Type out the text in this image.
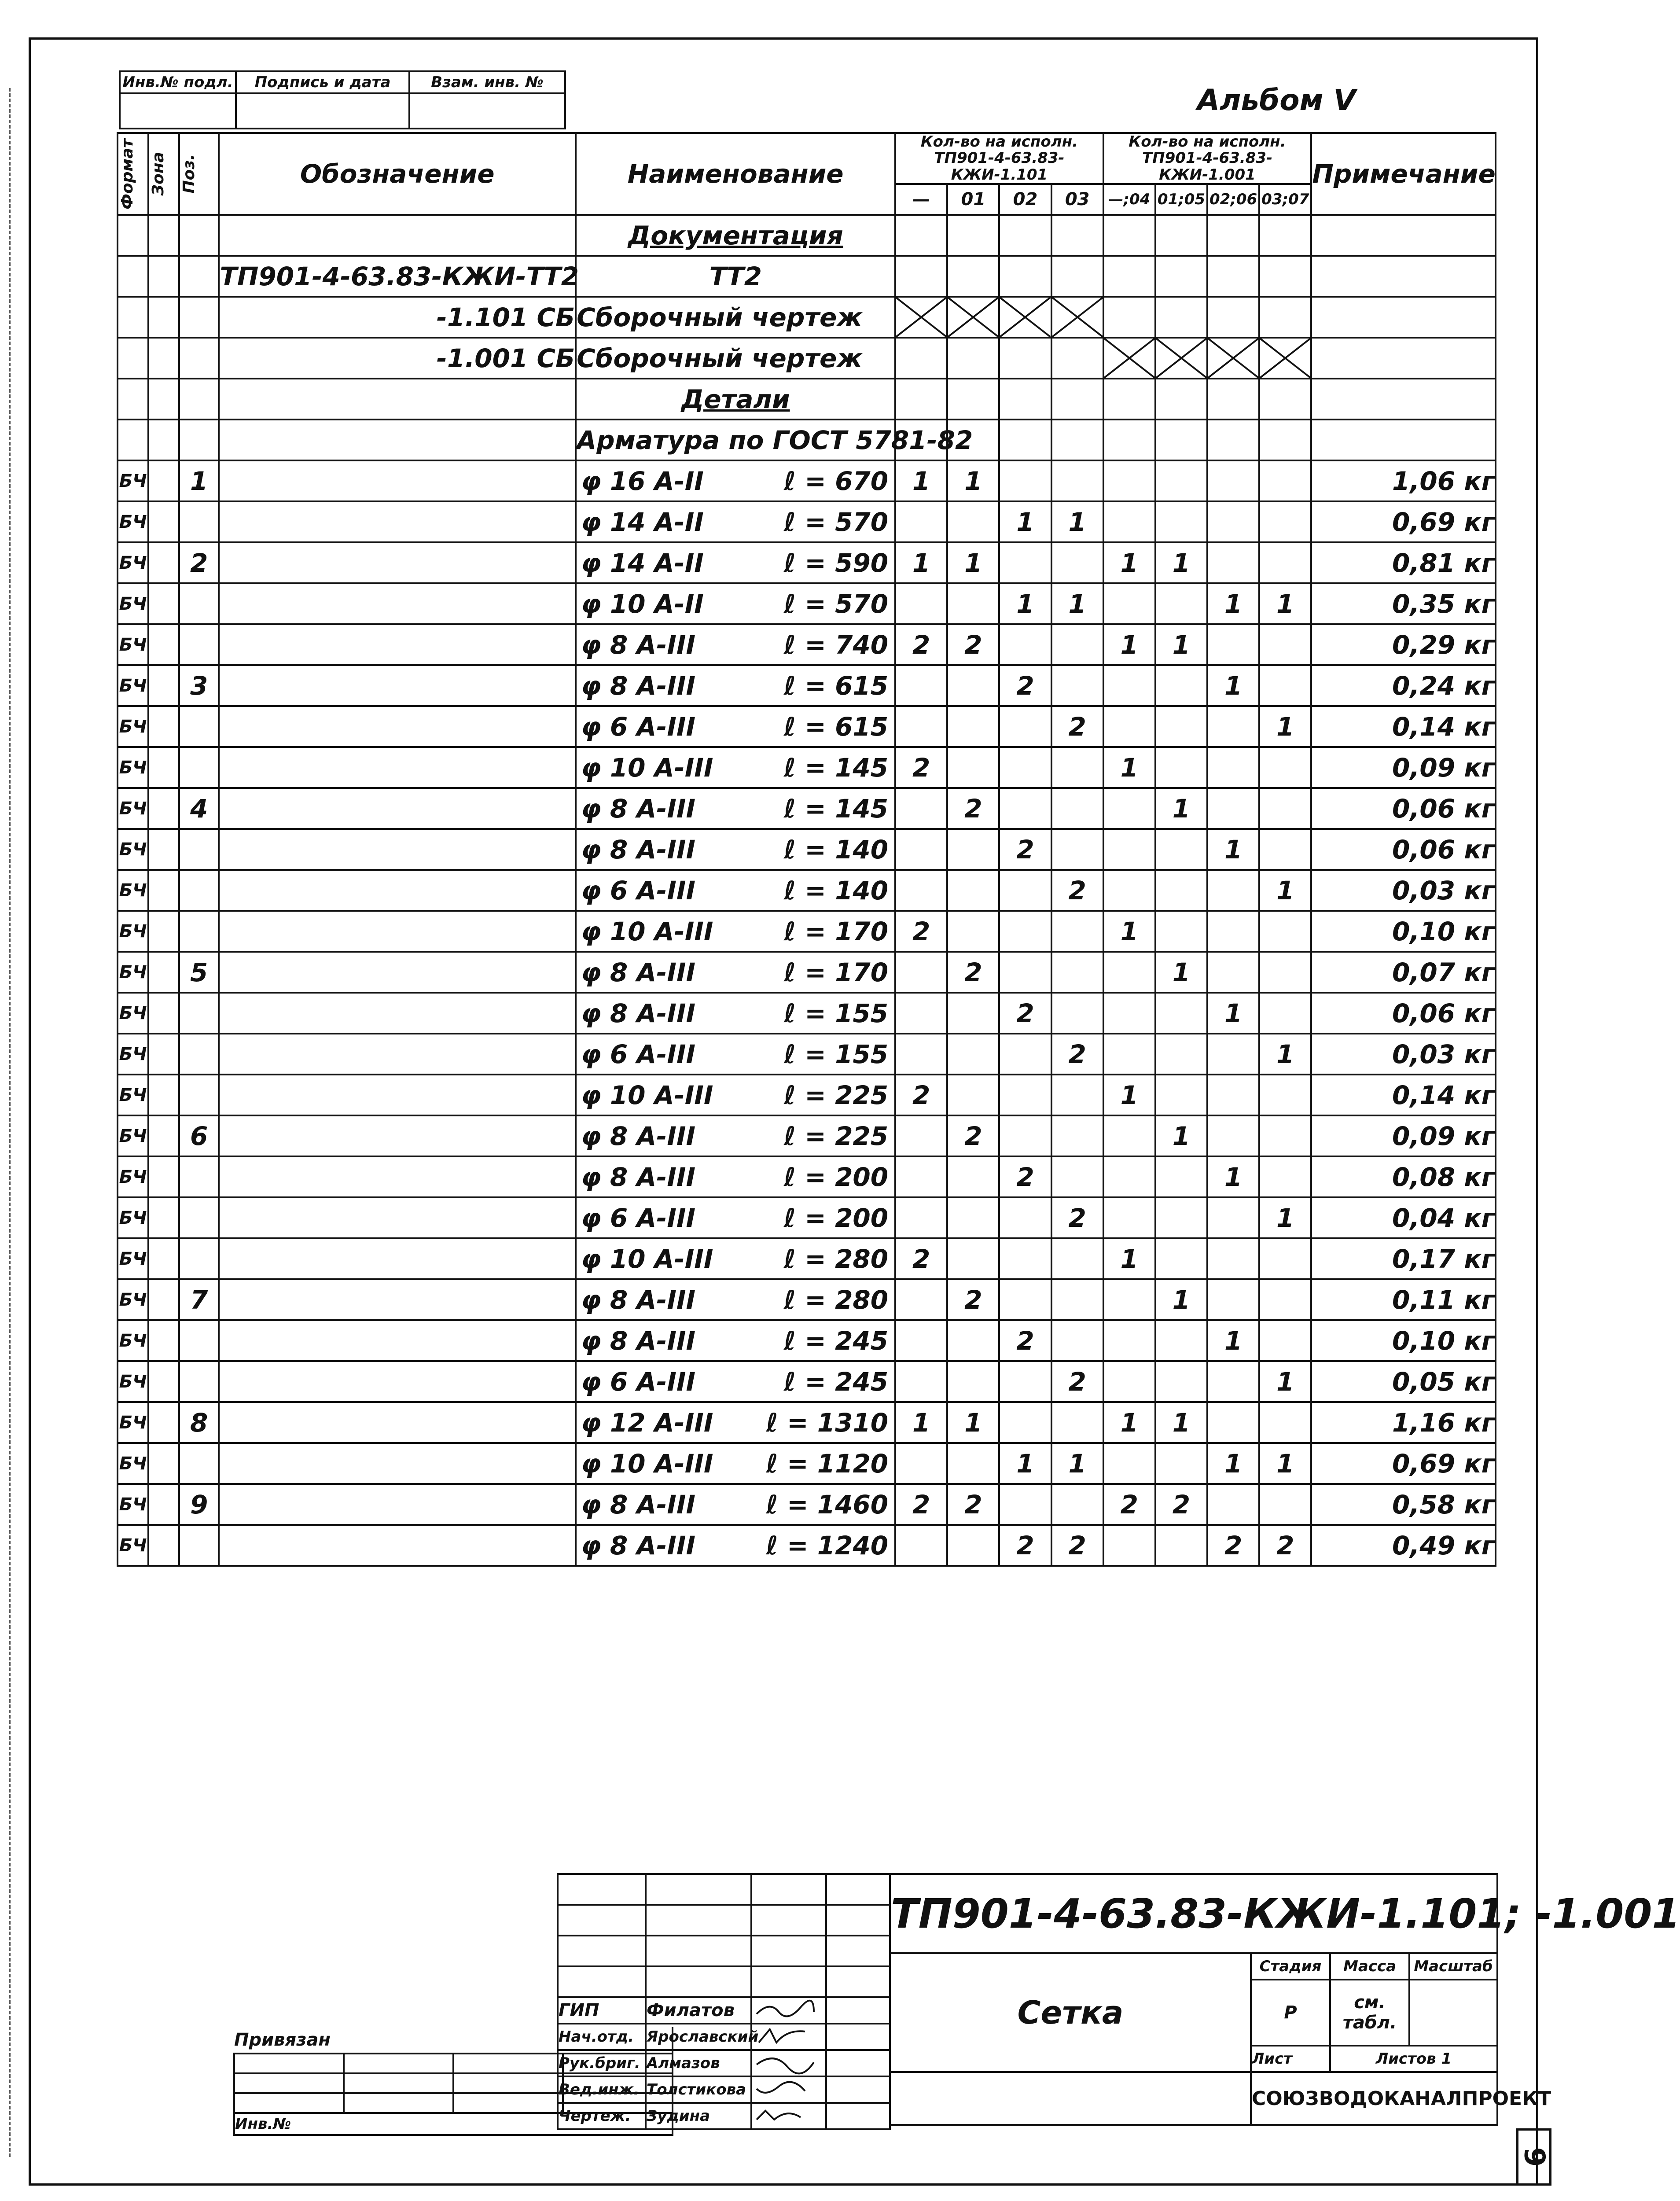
Инв.№ подл.	Подпись и дата	Взам. инв. №

Альбом V
Формат	Зона	Поз.	Обозначение	Наименование	Кол-во на исполн. ТП901-4-63.83-КЖИ-1.101				Кол-во на исполн. ТП901-4-63.83-КЖИ-1.001				Примечание
					—	01	02	03	—;04	01;05	02;06	03;07	
				Документация									
			ТП901-4-63.83-КЖИ-ТТ2	ТТ2									
			-1.101 СБ	Сборочный чертеж	

			-1.001 СБ	Сборочный чертеж					

				Детали									
				Арматура по ГОСТ 5781-82									
БЧ		1		φ 16 А-II ℓ = 670	1	1							1,06 кг
БЧ				φ 14 А-II ℓ = 570			1	1					0,69 кг
БЧ		2		φ 14 А-II ℓ = 590	1	1			1	1			0,81 кг
БЧ				φ 10 А-II ℓ = 570			1	1			1	1	0,35 кг
БЧ				φ 8 А-III ℓ = 740	2	2			1	1			0,29 кг
БЧ		3		φ 8 А-III ℓ = 615			2				1		0,24 кг
БЧ				φ 6 А-III ℓ = 615				2				1	0,14 кг
БЧ				φ 10 А-III ℓ = 145	2				1				0,09 кг
БЧ		4		φ 8 А-III ℓ = 145		2				1			0,06 кг
БЧ				φ 8 А-III ℓ = 140			2				1		0,06 кг
БЧ				φ 6 А-III ℓ = 140				2				1	0,03 кг
БЧ				φ 10 А-III ℓ = 170	2				1				0,10 кг
БЧ		5		φ 8 А-III ℓ = 170		2				1			0,07 кг
БЧ				φ 8 А-III ℓ = 155			2				1		0,06 кг
БЧ				φ 6 А-III ℓ = 155				2				1	0,03 кг
БЧ				φ 10 А-III ℓ = 225	2				1				0,14 кг
БЧ		6		φ 8 А-III ℓ = 225		2				1			0,09 кг
БЧ				φ 8 А-III ℓ = 200			2				1		0,08 кг
БЧ				φ 6 А-III ℓ = 200				2				1	0,04 кг
БЧ				φ 10 А-III ℓ = 280	2				1				0,17 кг
БЧ		7		φ 8 А-III ℓ = 280		2				1			0,11 кг
БЧ				φ 8 А-III ℓ = 245			2				1		0,10 кг
БЧ				φ 6 А-III ℓ = 245				2				1	0,05 кг
БЧ		8		φ 12 А-III ℓ = 1310	1	1			1	1			1,16 кг
БЧ				φ 10 А-III ℓ = 1120			1	1			1	1	0,69 кг
БЧ		9		φ 8 А-III ℓ = 1460	2	2			2	2			0,58 кг
БЧ				φ 8 А-III ℓ = 1240			2	2			2	2	0,49 кг

Привязан			

Инв.№			

ГИП	Филатов		
Нач.отд.	Ярославский		
Рук.бриг.	Алмазов		
Вед.инж.	Толстикова		
Чертеж.	Зудина		
ТП901-4-63.83-КЖИ-1.101; -1.001			
Сетка	Стадия	Масса	Масштаб
	Р	см. табл.	
	Лист	Листов 1	
	СОЮЗВОДОКАНАЛПРОЕКТ		
9
